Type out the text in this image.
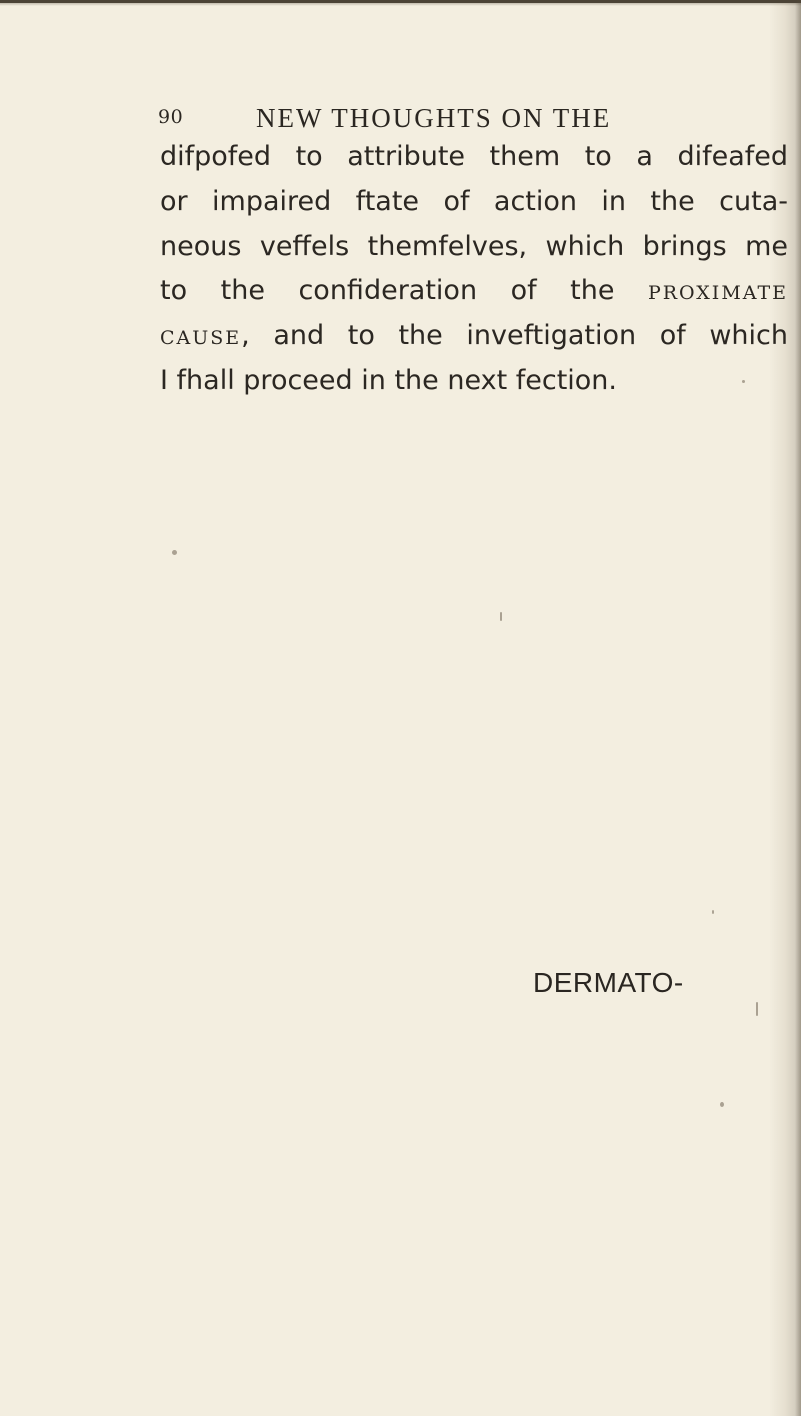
90	NEW THOUGHTS ON THE
difpofed to attribute them to a difeafed
or impaired ftate of action in the cuta-
neous veffels themfelves, which brings me
to the confideration of the proximate
cause, and to the inveftigation of which
I fhall proceed in the next fection.
DERMATO-
